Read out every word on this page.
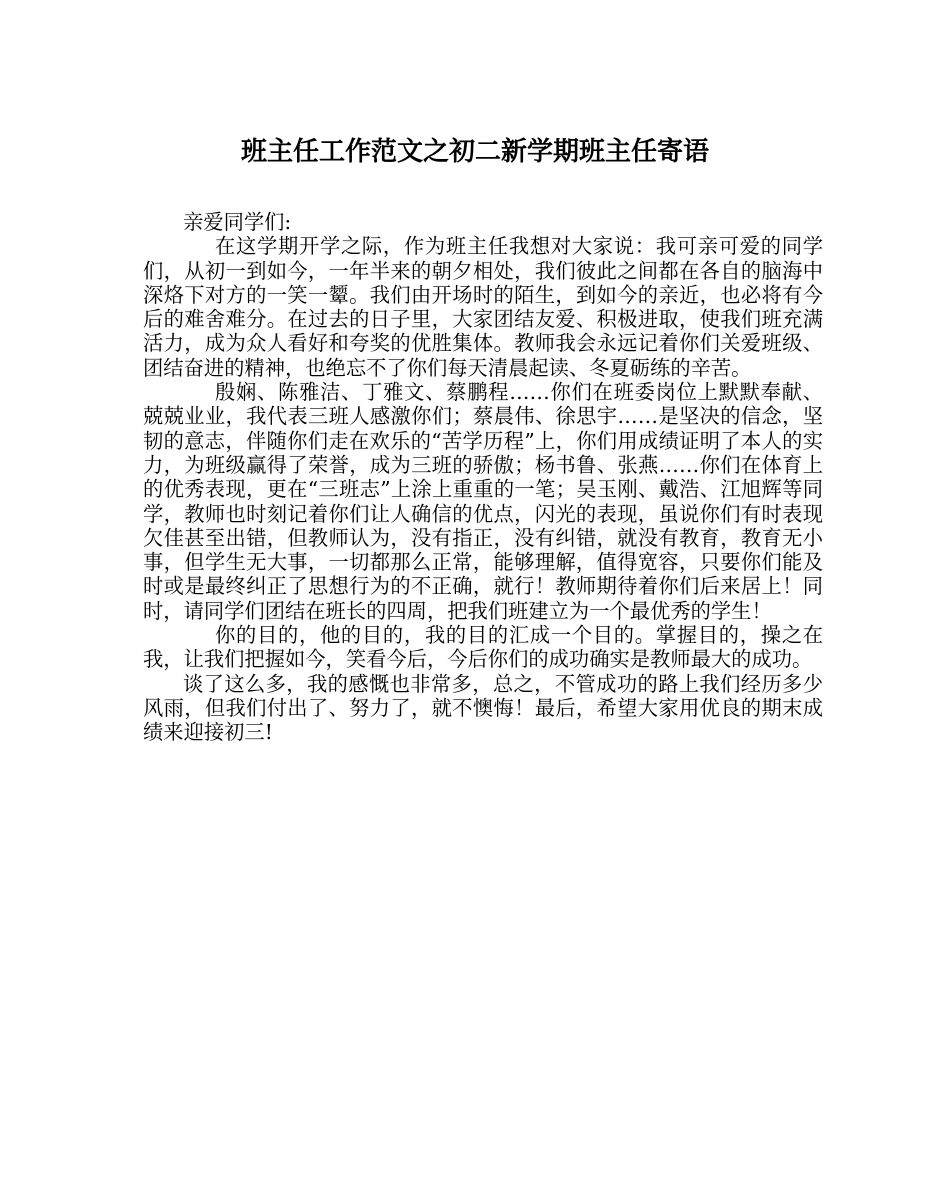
班主任工作范文之初二新学期班主任寄语

亲爱同学们:

在这学期开学之际，作为班主任我想对大家说：我可亲可爱的同学们，从初一到如今，一年半来的朝夕相处，我们彼此之间都在各自的脑海中深烙下对方的一笑一颦。我们由开场时的陌生，到如今的亲近，也必将有今后的难舍难分。在过去的日子里，大家团结友爱、积极进取，使我们班充满活力，成为众人看好和夸奖的优胜集体。教师我会永远记着你们关爱班级、团结奋进的精神，也绝忘不了你们每天清晨起读、冬夏砺练的辛苦。

殷娴、陈雅洁、丁雅文、蔡鹏程……你们在班委岗位上默默奉献、兢兢业业，我代表三班人感激你们；蔡晨伟、徐思宇……是坚决的信念，坚韧的意志，伴随你们走在欢乐的“苦学历程”上，你们用成绩证明了本人的实力，为班级赢得了荣誉，成为三班的骄傲；杨书鲁、张燕……你们在体育上的优秀表现，更在“三班志”上涂上重重的一笔；吴玉刚、戴浩、江旭辉等同学，教师也时刻记着你们让人确信的优点，闪光的表现，虽说你们有时表现欠佳甚至出错，但教师认为，没有指正，没有纠错，就没有教育，教育无小事，但学生无大事，一切都那么正常，能够理解，值得宽容，只要你们能及时或是最终纠正了思想行为的不正确，就行！教师期待着你们后来居上！同时，请同学们团结在班长的四周，把我们班建立为一个最优秀的学生！

你的目的，他的目的，我的目的汇成一个目的。掌握目的，操之在我，让我们把握如今，笑看今后，今后你们的成功确实是教师最大的成功。

谈了这么多，我的感慨也非常多，总之，不管成功的路上我们经历多少风雨，但我们付出了、努力了，就不懊悔！最后，希望大家用优良的期末成绩来迎接初三!
